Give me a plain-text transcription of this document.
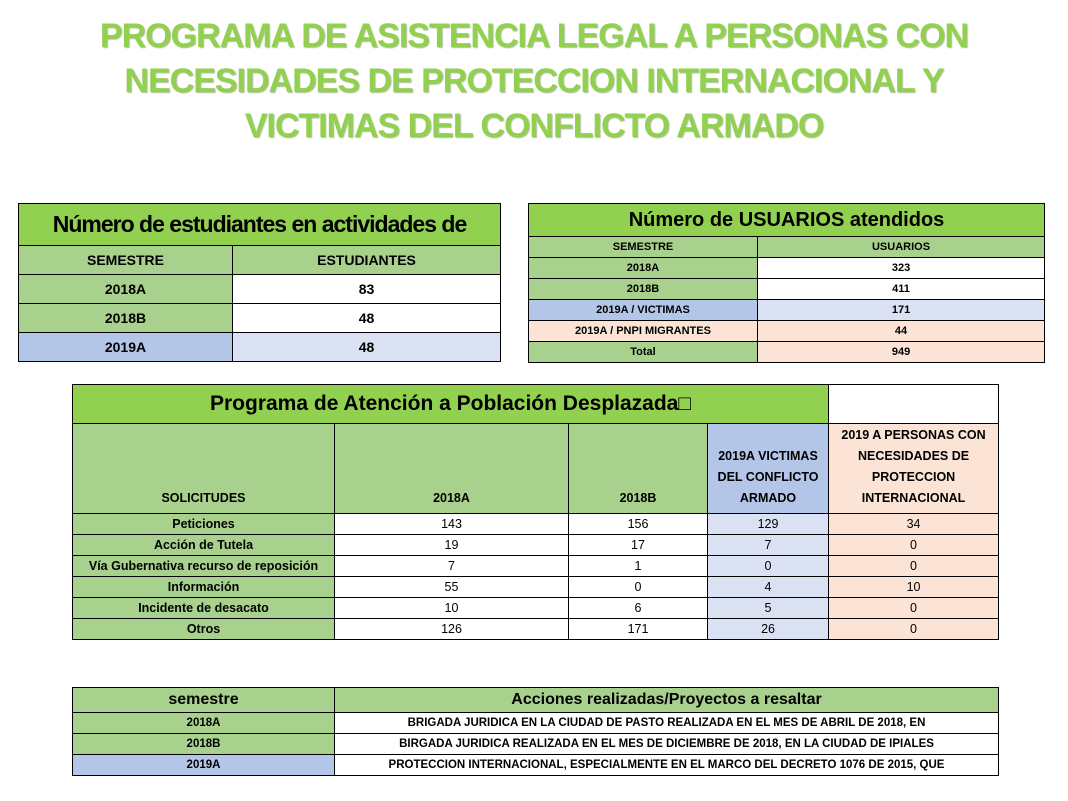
PROGRAMA DE ASISTENCIA LEGAL A PERSONAS CON
NECESIDADES DE PROTECCION INTERNACIONAL Y
VICTIMAS DEL CONFLICTO ARMADO
Número de estudiantes en actividades de	
SEMESTRE	ESTUDIANTES
2018A	83
2018B	48
2019A	48
Número de USUARIOS atendidos	
SEMESTRE	USUARIOS
2018A	323
2018B	411
2019A / VICTIMAS	171
2019A / PNPI MIGRANTES	44
Total	949
Programa de Atención a Población Desplazada□				
SOLICITUDES	2018A	2018B	2019A VICTIMAS DEL CONFLICTO ARMADO	2019 A PERSONAS CON NECESIDADES DE PROTECCION INTERNACIONAL
Peticiones	143	156	129	34
Acción de Tutela	19	17	7	0
Vía Gubernativa recurso de reposición	7	1	0	0
Información	55	0	4	10
Incidente de desacato	10	6	5	0
Otros	126	171	26	0
semestre	Acciones realizadas/Proyectos a resaltar
2018A	BRIGADA JURIDICA EN LA CIUDAD DE PASTO REALIZADA EN EL MES DE ABRIL DE 2018, EN
2018B	BIRGADA JURIDICA REALIZADA EN EL MES DE DICIEMBRE DE 2018, EN LA CIUDAD DE IPIALES
2019A	PROTECCION INTERNACIONAL, ESPECIALMENTE EN EL MARCO DEL DECRETO 1076 DE 2015, QUE
